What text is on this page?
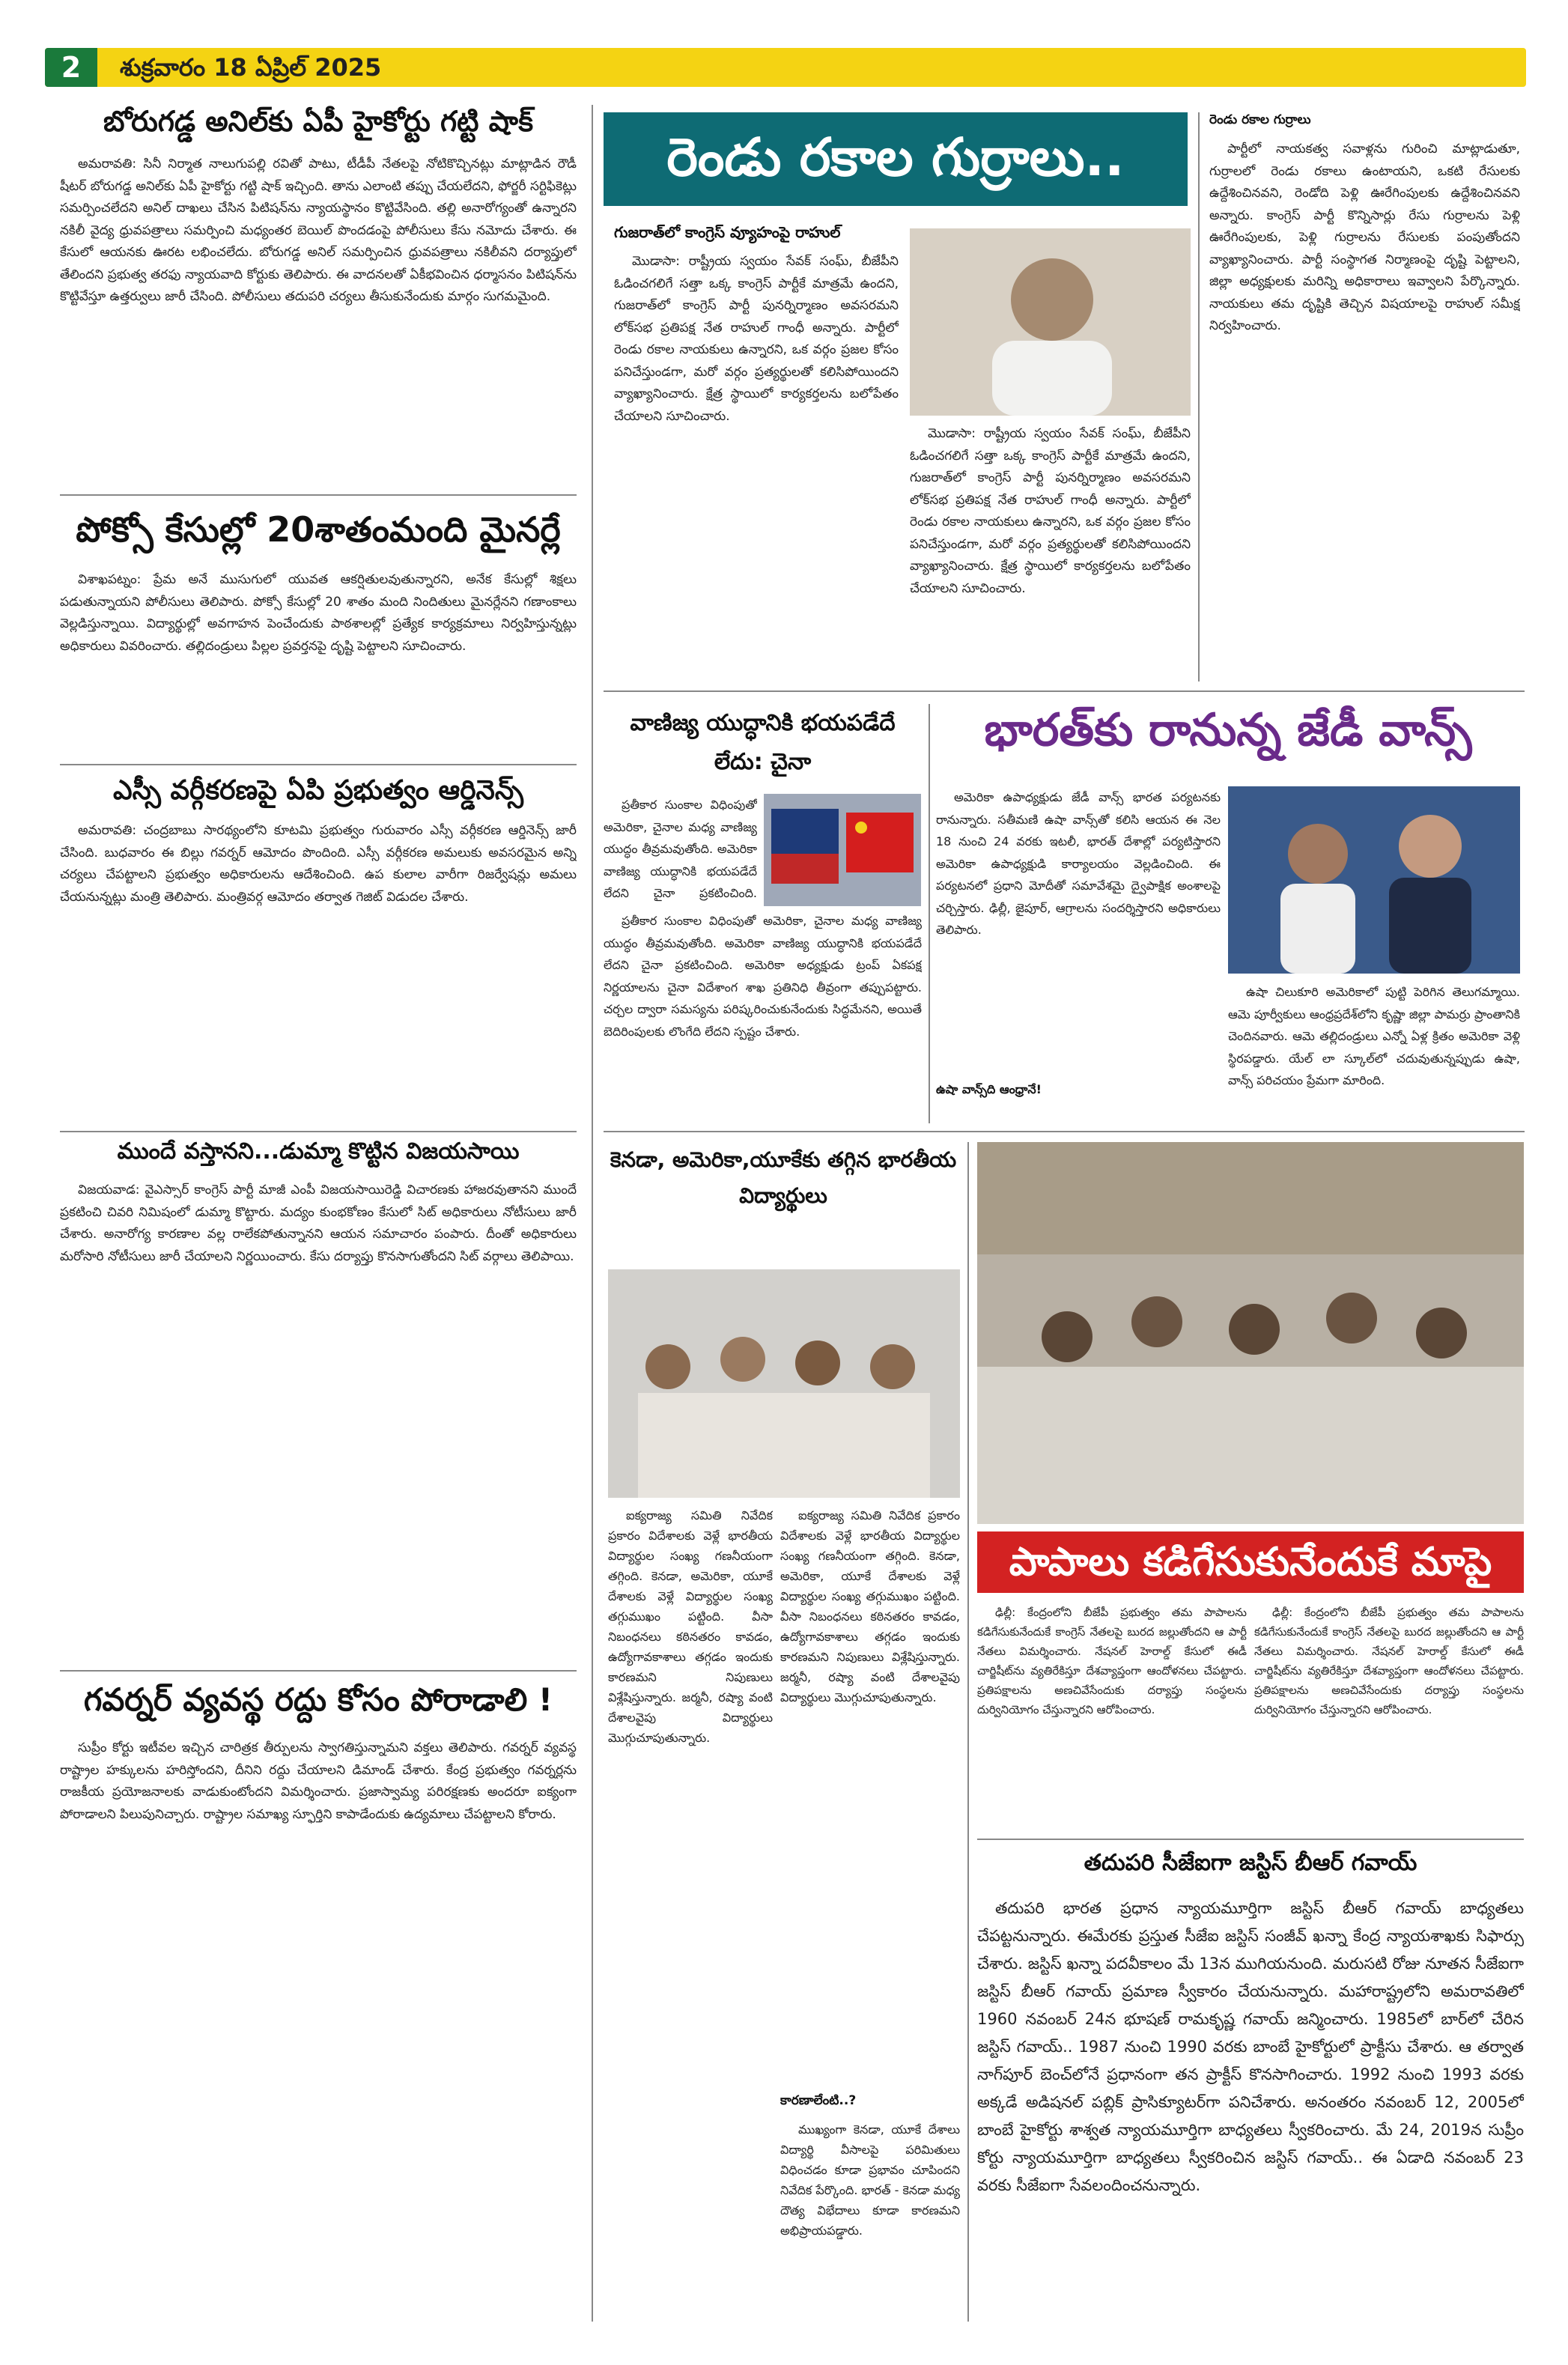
2	శుక్రవారం 18 ఏప్రిల్ 2025
బోరుగడ్డ అనిల్‌కు ఏపీ హైకోర్టు గట్టి షాక్

అమరావతి: సినీ నిర్మాత నాలుగుపల్లి రవితో పాటు, టీడీపీ నేతలపై నోటికొచ్చినట్లు మాట్లాడిన రౌడీ షీటర్ బోరుగడ్డ అనిల్‌కు ఏపీ హైకోర్టు గట్టి షాక్ ఇచ్చింది. తాను ఎలాంటి తప్పు చేయలేదని, ఫోర్జరీ సర్టిఫికెట్లు సమర్పించలేదని అనిల్ దాఖలు చేసిన పిటిషన్‌ను న్యాయస్థానం కొట్టివేసింది. తల్లి అనారోగ్యంతో ఉన్నారని నకిలీ వైద్య ధ్రువపత్రాలు సమర్పించి మధ్యంతర బెయిల్ పొందడంపై పోలీసులు కేసు నమోదు చేశారు. ఈ కేసులో ఆయనకు ఊరట లభించలేదు. బోరుగడ్డ అనిల్ సమర్పించిన ధ్రువపత్రాలు నకిలీవని దర్యాప్తులో తేలిందని ప్రభుత్వ తరఫు న్యాయవాది కోర్టుకు తెలిపారు. ఈ వాదనలతో ఏకీభవించిన ధర్మాసనం పిటిషన్‌ను కొట్టివేస్తూ ఉత్తర్వులు జారీ చేసింది. పోలీసులు తదుపరి చర్యలు తీసుకునేందుకు మార్గం సుగమమైంది.

పోక్సో కేసుల్లో 20శాతంమంది మైనర్లే

విశాఖపట్నం: ప్రేమ అనే ముసుగులో యువత ఆకర్షితులవుతున్నారని, అనేక కేసుల్లో శిక్షలు పడుతున్నాయని పోలీసులు తెలిపారు. పోక్సో కేసుల్లో 20 శాతం మంది నిందితులు మైనర్లేనని గణాంకాలు వెల్లడిస్తున్నాయి. విద్యార్థుల్లో అవగాహన పెంచేందుకు పాఠశాలల్లో ప్రత్యేక కార్యక్రమాలు నిర్వహిస్తున్నట్లు అధికారులు వివరించారు. తల్లిదండ్రులు పిల్లల ప్రవర్తనపై దృష్టి పెట్టాలని సూచించారు.

ఎస్సీ వర్గీకరణపై ఏపి ప్రభుత్వం ఆర్డినెన్స్

అమరావతి: చంద్రబాబు సారథ్యంలోని కూటమి ప్రభుత్వం గురువారం ఎస్సీ వర్గీకరణ ఆర్డినెన్స్ జారీ చేసింది. బుధవారం ఈ బిల్లు గవర్నర్ ఆమోదం పొందింది. ఎస్సీ వర్గీకరణ అమలుకు అవసరమైన అన్ని చర్యలు చేపట్టాలని ప్రభుత్వం అధికారులను ఆదేశించింది. ఉప కులాల వారీగా రిజర్వేషన్లు అమలు చేయనున్నట్లు మంత్రి తెలిపారు. మంత్రివర్గ ఆమోదం తర్వాత గెజిట్ విడుదల చేశారు.

ముందే వస్తానని...డుమ్మా కొట్టిన విజయసాయి

విజయవాడ: వైఎస్సార్ కాంగ్రెస్ పార్టీ మాజీ ఎంపీ విజయసాయిరెడ్డి విచారణకు హాజరవుతానని ముందే ప్రకటించి చివరి నిమిషంలో డుమ్మా కొట్టారు. మద్యం కుంభకోణం కేసులో సిట్ అధికారులు నోటీసులు జారీ చేశారు. అనారోగ్య కారణాల వల్ల రాలేకపోతున్నానని ఆయన సమాచారం పంపారు. దీంతో అధికారులు మరోసారి నోటీసులు జారీ చేయాలని నిర్ణయించారు. కేసు దర్యాప్తు కొనసాగుతోందని సిట్ వర్గాలు తెలిపాయి.

గవర్నర్ వ్యవస్థ రద్దు కోసం పోరాడాలి !

సుప్రీం కోర్టు ఇటీవల ఇచ్చిన చారిత్రక తీర్పులను స్వాగతిస్తున్నామని వక్తలు తెలిపారు. గవర్నర్ వ్యవస్థ రాష్ట్రాల హక్కులను హరిస్తోందని, దీనిని రద్దు చేయాలని డిమాండ్ చేశారు. కేంద్ర ప్రభుత్వం గవర్నర్లను రాజకీయ ప్రయోజనాలకు వాడుకుంటోందని విమర్శించారు. ప్రజాస్వామ్య పరిరక్షణకు అందరూ ఐక్యంగా పోరాడాలని పిలుపునిచ్చారు. రాష్ట్రాల సమాఖ్య స్ఫూర్తిని కాపాడేందుకు ఉద్యమాలు చేపట్టాలని కోరారు.

రెండు రకాల గుర్రాలు..
గుజరాత్‌లో కాంగ్రెస్ వ్యూహంపై రాహుల్

మొడాసా: రాష్ట్రీయ స్వయం సేవక్ సంఘ్, బీజేపీని ఓడించగలిగే సత్తా ఒక్క కాంగ్రెస్ పార్టీకే మాత్రమే ఉందని, గుజరాత్‌లో కాంగ్రెస్ పార్టీ పునర్నిర్మాణం అవసరమని లోక్‌సభ ప్రతిపక్ష నేత రాహుల్ గాంధీ అన్నారు. పార్టీలో రెండు రకాల నాయకులు ఉన్నారని, ఒక వర్గం ప్రజల కోసం పనిచేస్తుండగా, మరో వర్గం ప్రత్యర్థులతో కలిసిపోయిందని వ్యాఖ్యానించారు. క్షేత్ర స్థాయిలో కార్యకర్తలను బలోపేతం చేయాలని సూచించారు.

మొడాసా: రాష్ట్రీయ స్వయం సేవక్ సంఘ్, బీజేపీని ఓడించగలిగే సత్తా ఒక్క కాంగ్రెస్ పార్టీకే మాత్రమే ఉందని, గుజరాత్‌లో కాంగ్రెస్ పార్టీ పునర్నిర్మాణం అవసరమని లోక్‌సభ ప్రతిపక్ష నేత రాహుల్ గాంధీ అన్నారు. పార్టీలో రెండు రకాల నాయకులు ఉన్నారని, ఒక వర్గం ప్రజల కోసం పనిచేస్తుండగా, మరో వర్గం ప్రత్యర్థులతో కలిసిపోయిందని వ్యాఖ్యానించారు. క్షేత్ర స్థాయిలో కార్యకర్తలను బలోపేతం చేయాలని సూచించారు.

రెండు రకాల గుర్రాలు

పార్టీలో నాయకత్వ సవాళ్లను గురించి మాట్లాడుతూ, గుర్రాలలో రెండు రకాలు ఉంటాయని, ఒకటి రేసులకు ఉద్దేశించినవని, రెండోది పెళ్లి ఊరేగింపులకు ఉద్దేశించినవని అన్నారు. కాంగ్రెస్ పార్టీ కొన్నిసార్లు రేసు గుర్రాలను పెళ్లి ఊరేగింపులకు, పెళ్లి గుర్రాలను రేసులకు పంపుతోందని వ్యాఖ్యానించారు. పార్టీ సంస్థాగత నిర్మాణంపై దృష్టి పెట్టాలని, జిల్లా అధ్యక్షులకు మరిన్ని అధికారాలు ఇవ్వాలని పేర్కొన్నారు. నాయకులు తమ దృష్టికి తెచ్చిన విషయాలపై రాహుల్ సమీక్ష నిర్వహించారు.

వాణిజ్య యుద్ధానికి భయపడేదే లేదు: చైనా

ప్రతీకార సుంకాల విధింపుతో అమెరికా, చైనాల మధ్య వాణిజ్య యుద్ధం తీవ్రమవుతోంది. అమెరికా వాణిజ్య యుద్ధానికి భయపడేదే లేదని చైనా ప్రకటించింది.

ప్రతీకార సుంకాల విధింపుతో అమెరికా, చైనాల మధ్య వాణిజ్య యుద్ధం తీవ్రమవుతోంది. అమెరికా వాణిజ్య యుద్ధానికి భయపడేదే లేదని చైనా ప్రకటించింది. అమెరికా అధ్యక్షుడు ట్రంప్ ఏకపక్ష నిర్ణయాలను చైనా విదేశాంగ శాఖ ప్రతినిధి తీవ్రంగా తప్పుపట్టారు. చర్చల ద్వారా సమస్యను పరిష్కరించుకునేందుకు సిద్ధమేనని, అయితే బెదిరింపులకు లొంగేది లేదని స్పష్టం చేశారు.

భారత్‌కు రానున్న జేడీ వాన్స్

అమెరికా ఉపాధ్యక్షుడు జేడీ వాన్స్ భారత పర్యటనకు రానున్నారు. సతీమణి ఉషా వాన్స్‌తో కలిసి ఆయన ఈ నెల 18 నుంచి 24 వరకు ఇటలీ, భారత్ దేశాల్లో పర్యటిస్తారని అమెరికా ఉపాధ్యక్షుడి కార్యాలయం వెల్లడించింది. ఈ పర్యటనలో ప్రధాని మోదీతో సమావేశమై ద్వైపాక్షిక అంశాలపై చర్చిస్తారు. ఢిల్లీ, జైపూర్, ఆగ్రాలను సందర్శిస్తారని అధికారులు తెలిపారు.

ఉషా వాన్స్‌ది ఆంధ్రానే!

ఉషా చిలుకూరి అమెరికాలో పుట్టి పెరిగిన తెలుగమ్మాయి. ఆమె పూర్వీకులు ఆంధ్రప్రదేశ్‌లోని కృష్ణా జిల్లా పామర్రు ప్రాంతానికి చెందినవారు. ఆమె తల్లిదండ్రులు ఎన్నో ఏళ్ల క్రితం అమెరికా వెళ్లి స్థిరపడ్డారు. యేల్ లా స్కూల్‌లో చదువుతున్నప్పుడు ఉషా, వాన్స్ పరిచయం ప్రేమగా మారింది.

కెనడా, అమెరికా,యూకేకు తగ్గిన భారతీయ విద్యార్థులు

ఐక్యరాజ్య సమితి నివేదిక ప్రకారం విదేశాలకు వెళ్లే భారతీయ విద్యార్థుల సంఖ్య గణనీయంగా తగ్గింది. కెనడా, అమెరికా, యూకే దేశాలకు వెళ్లే విద్యార్థుల సంఖ్య తగ్గుముఖం పట్టింది. వీసా నిబంధనలు కఠినతరం కావడం, ఉద్యోగావకాశాలు తగ్గడం ఇందుకు కారణమని నిపుణులు విశ్లేషిస్తున్నారు. జర్మనీ, రష్యా వంటి దేశాలవైపు విద్యార్థులు మొగ్గుచూపుతున్నారు.

ఐక్యరాజ్య సమితి నివేదిక ప్రకారం విదేశాలకు వెళ్లే భారతీయ విద్యార్థుల సంఖ్య గణనీయంగా తగ్గింది. కెనడా, అమెరికా, యూకే దేశాలకు వెళ్లే విద్యార్థుల సంఖ్య తగ్గుముఖం పట్టింది. వీసా నిబంధనలు కఠినతరం కావడం, ఉద్యోగావకాశాలు తగ్గడం ఇందుకు కారణమని నిపుణులు విశ్లేషిస్తున్నారు. జర్మనీ, రష్యా వంటి దేశాలవైపు విద్యార్థులు మొగ్గుచూపుతున్నారు.

కారణాలేంటి..?

ముఖ్యంగా కెనడా, యూకే దేశాలు విద్యార్థి వీసాలపై పరిమితులు విధించడం కూడా ప్రభావం చూపిందని నివేదిక పేర్కొంది. భారత్ - కెనడా మధ్య దౌత్య విభేదాలు కూడా కారణమని అభిప్రాయపడ్డారు.

పాపాలు కడిగేసుకునేందుకే మాపై

ఢిల్లీ: కేంద్రంలోని బీజేపీ ప్రభుత్వం తమ పాపాలను కడిగేసుకునేందుకే కాంగ్రెస్ నేతలపై బురద జల్లుతోందని ఆ పార్టీ నేతలు విమర్శించారు. నేషనల్ హెరాల్డ్ కేసులో ఈడీ చార్జిషీట్‌ను వ్యతిరేకిస్తూ దేశవ్యాప్తంగా ఆందోళనలు చేపట్టారు. ప్రతిపక్షాలను అణచివేసేందుకు దర్యాప్తు సంస్థలను దుర్వినియోగం చేస్తున్నారని ఆరోపించారు.

ఢిల్లీ: కేంద్రంలోని బీజేపీ ప్రభుత్వం తమ పాపాలను కడిగేసుకునేందుకే కాంగ్రెస్ నేతలపై బురద జల్లుతోందని ఆ పార్టీ నేతలు విమర్శించారు. నేషనల్ హెరాల్డ్ కేసులో ఈడీ చార్జిషీట్‌ను వ్యతిరేకిస్తూ దేశవ్యాప్తంగా ఆందోళనలు చేపట్టారు. ప్రతిపక్షాలను అణచివేసేందుకు దర్యాప్తు సంస్థలను దుర్వినియోగం చేస్తున్నారని ఆరోపించారు.

తదుపరి సీజేఐగా జస్టిస్ బీఆర్ గవాయ్

తదుపరి భారత ప్రధాన న్యాయమూర్తిగా జస్టిస్ బీఆర్ గవాయ్ బాధ్యతలు చేపట్టనున్నారు. ఈమేరకు ప్రస్తుత సీజేఐ జస్టిస్ సంజీవ్ ఖన్నా కేంద్ర న్యాయశాఖకు సిఫార్సు చేశారు. జస్టిస్ ఖన్నా పదవీకాలం మే 13న ముగియనుంది. మరుసటి రోజు నూతన సీజేఐగా జస్టిస్ బీఆర్ గవాయ్ ప్రమాణ స్వీకారం చేయనున్నారు. మహారాష్ట్రలోని అమరావతిలో 1960 నవంబర్ 24న భూషణ్ రామకృష్ణ గవాయ్ జన్మించారు. 1985లో బార్‌లో చేరిన జస్టిస్ గవాయ్.. 1987 నుంచి 1990 వరకు బాంబే హైకోర్టులో ప్రాక్టీసు చేశారు. ఆ తర్వాత నాగ్‌పూర్ బెంచ్‌లోనే ప్రధానంగా తన ప్రాక్టీస్ కొనసాగించారు. 1992 నుంచి 1993 వరకు అక్కడే అడిషనల్ పబ్లిక్ ప్రాసిక్యూటర్‌గా పనిచేశారు. అనంతరం నవంబర్ 12, 2005లో బాంబే హైకోర్టు శాశ్వత న్యాయమూర్తిగా బాధ్యతలు స్వీకరించారు. మే 24, 2019న సుప్రీం కోర్టు న్యాయమూర్తిగా బాధ్యతలు స్వీకరించిన జస్టిస్ గవాయ్.. ఈ ఏడాది నవంబర్ 23 వరకు సీజేఐగా సేవలందించనున్నారు.
